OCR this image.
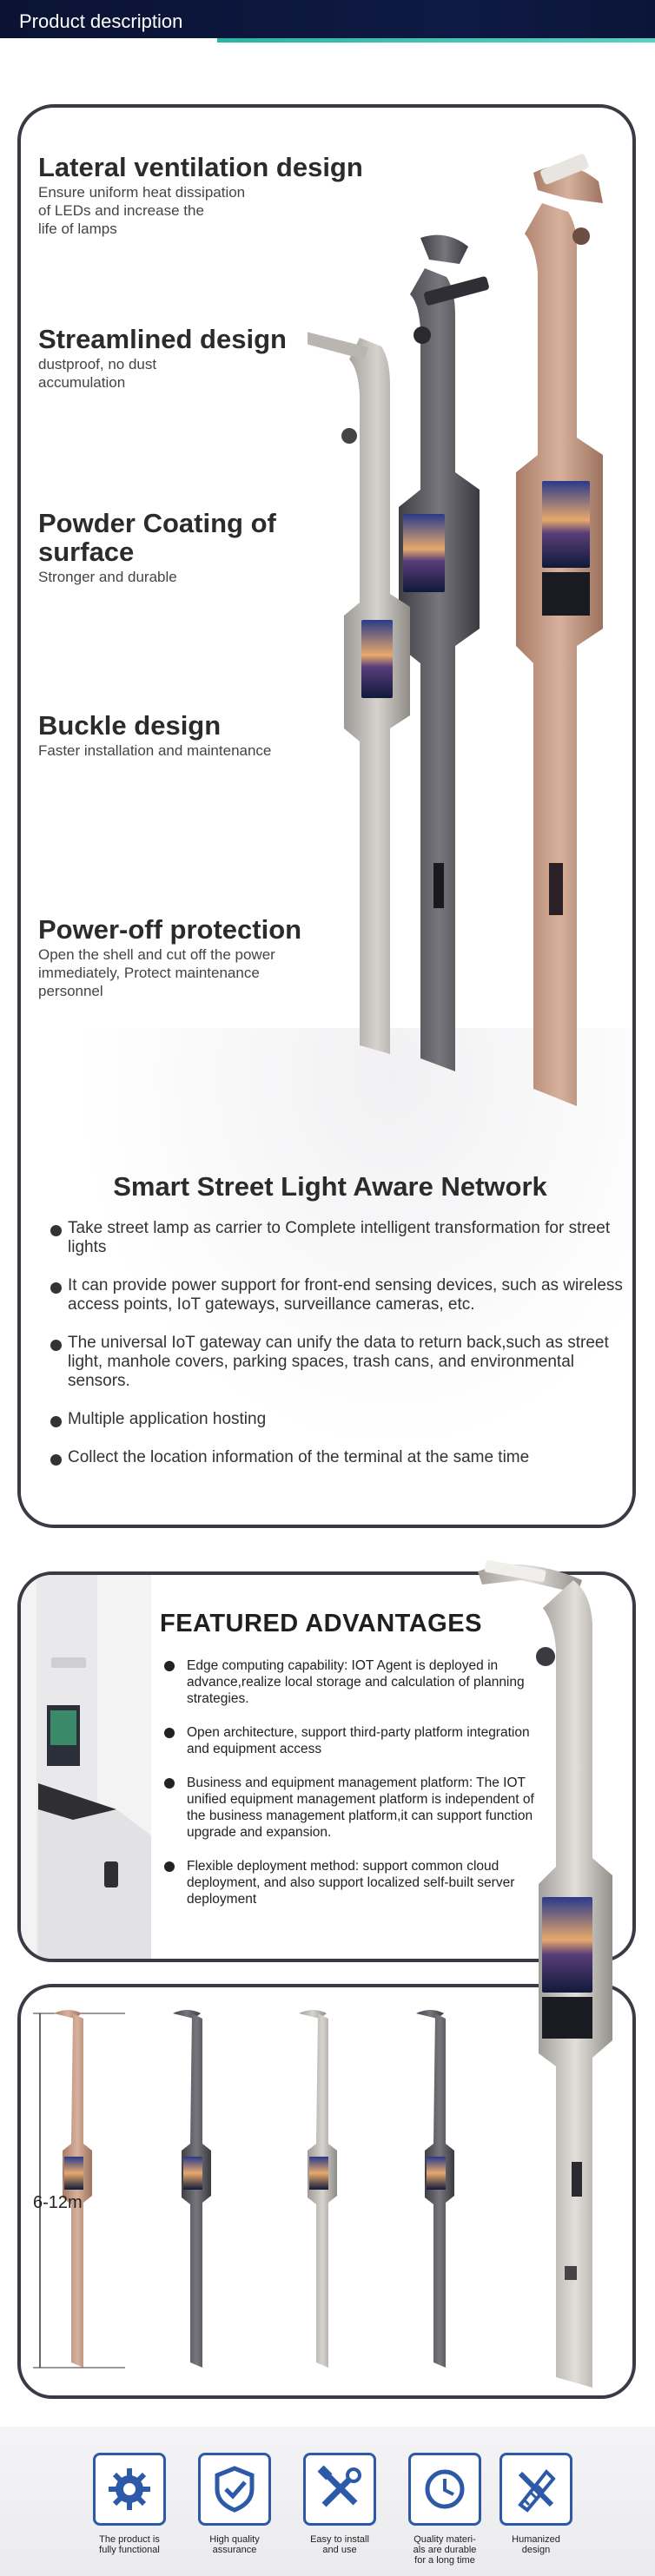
Product description
Lateral ventilation design

Ensure uniform heat dissipation
of LEDs and increase the
life of lamps

Streamlined design

dustproof, no dust
accumulation

Powder Coating of
surface

Stronger and durable

Buckle design

Faster installation and maintenance

Power-off protection

Open the shell and cut off the power
immediately, Protect maintenance
personnel

Smart Street Light Aware Network
Take street lamp as carrier to Complete intelligent transformation for street lights
It can provide power support for front-end sensing devices, such as wireless access points, IoT gateways, surveillance cameras, etc.
The universal IoT gateway can unify the data to return back,such as street light, manhole covers, parking spaces, trash cans, and environmental sensors.
Multiple application hosting
Collect the location information of the terminal at the same time
FEATURED ADVANTAGES
Edge computing capability: IOT Agent is deployed in advance,realize local storage and calculation of planning strategies.
Open architecture, support third-party platform integration and equipment access
Business and equipment management platform: The IOT unified equipment management platform is independent of the business management platform,it can support function upgrade and expansion.
Flexible deployment method: support common cloud deployment, and also support localized self-built server deployment
6-12m
The product is
fully functional
High quality
assurance
Easy to install
and use
Quality materi-
als are durable
for a long time
Humanized
design
